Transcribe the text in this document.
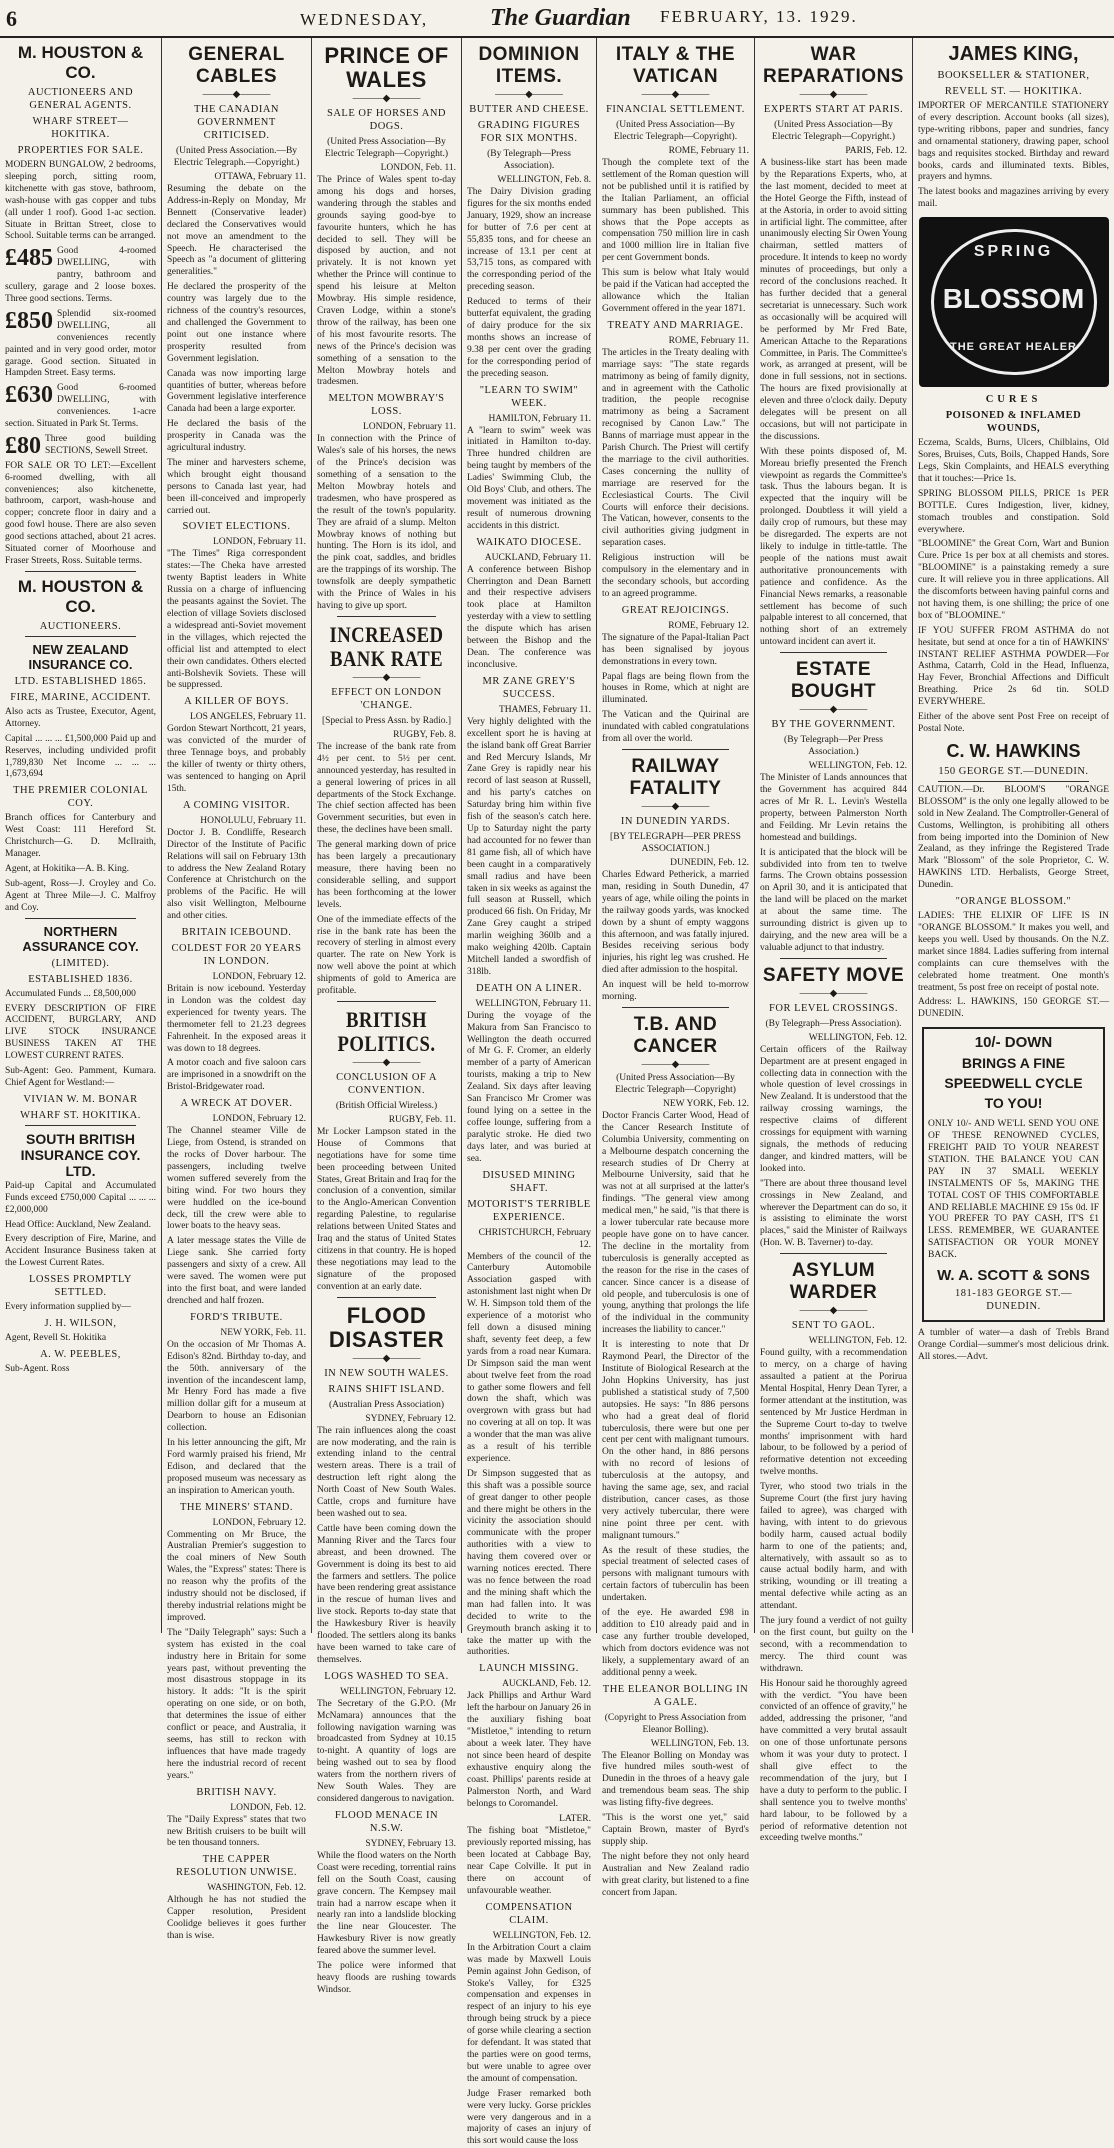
6	WEDNESDAY,	The Guardian FEBRUARY, 13. 1929.
M. HOUSTON & CO.
AUCTIONEERS AND GENERAL AGENTS.
WHARF STREET— HOKITIKA.
PROPERTIES FOR SALE.

MODERN BUNGALOW, 2 bedrooms, sleeping porch, sitting room, kitchenette with gas stove, bathroom, wash-house with gas copper and tubs (all under 1 roof). Good 1-ac section. Situate in Brittan Street, close to School. Suitable terms can be arranged.

£485 Good 4-roomed DWELLING, with pantry, bathroom and scullery, garage and 2 loose boxes. Three good sections. Terms.

£850 Splendid six-roomed DWELLING, all conveniences recently painted and in very good order, motor garage. Good section. Situated in Hampden Street. Easy terms.

£630 Good 6-roomed DWELLING, with conveniences. 1-acre section. Situated in Park St. Terms.

£80 Three good building SECTIONS, Sewell Street.

FOR SALE OR TO LET:—Excellent 6-roomed dwelling, with all conveniences; also kitchenette, bathroom, carport, wash-house and copper; concrete floor in dairy and a good fowl house. There are also seven good sections attached, about 21 acres. Situated corner of Moorhouse and Fraser Streets, Ross. Suitable terms.

M. HOUSTON & CO.
AUCTIONEERS.
NEW ZEALAND INSURANCE CO.
LTD. ESTABLISHED 1865.
FIRE, MARINE, ACCIDENT.

Also acts as Trustee, Executor, Agent, Attorney.

Capital ... ... ... £1,500,000 Paid up and Reserves, including undivided profit 1,789,830 Net Income ... ... ... 1,673,694

THE PREMIER COLONIAL COY.

Branch offices for Canterbury and West Coast: 111 Hereford St. Christchurch—G. D. McIlraith, Manager.

Agent, at Hokitika—A. B. King.

Sub-agent, Ross—J. Croyley and Co. Agent at Three Mile—J. C. Malfroy and Coy.

NORTHERN ASSURANCE COY.
(LIMITED).
ESTABLISHED 1836.

Accumulated Funds ... £8,500,000

EVERY DESCRIPTION OF FIRE ACCIDENT, BURGLARY, AND LIVE STOCK INSURANCE BUSINESS TAKEN AT THE LOWEST CURRENT RATES.

Sub-Agent: Geo. Pamment, Kumara. Chief Agent for Westland:—

VIVIAN W. M. BONAR
WHARF ST. HOKITIKA.
SOUTH BRITISH INSURANCE COY. LTD.

Paid-up Capital and Accumulated Funds exceed £750,000 Capital ... ... ... £2,000,000

Head Office: Auckland, New Zealand.

Every description of Fire, Marine, and Accident Insurance Business taken at the Lowest Current Rates.

LOSSES PROMPTLY SETTLED.

Every information supplied by—

J. H. WILSON,

Agent, Revell St. Hokitika

A. W. PEEBLES,

Sub-Agent. Ross

GENERAL CABLES
———◆———
THE CANADIAN GOVERNMENT CRITICISED.
(United Press Association.—By Electric Telegraph.—Copyright.)
OTTAWA, February 11.

Resuming the debate on the Address-in-Reply on Monday, Mr Bennett (Conservative leader) declared the Conservatives would not move an amendment to the Speech. He characterised the Speech as "a document of glittering generalities."

He declared the prosperity of the country was largely due to the richness of the country's resources, and challenged the Government to point out one instance where prosperity resulted from Government legislation.

Canada was now importing large quantities of butter, whereas before Government legislative interference Canada had been a large exporter.

He declared the basis of the prosperity in Canada was the agricultural industry.

The miner and harvesters scheme, which brought eight thousand persons to Canada last year, had been ill-conceived and improperly carried out.

SOVIET ELECTIONS.
LONDON, February 11.

"The Times" Riga correspondent states:—The Cheka have arrested twenty Baptist leaders in White Russia on a charge of influencing the peasants against the Soviet. The election of village Soviets disclosed a widespread anti-Soviet movement in the villages, which rejected the official list and attempted to elect their own candidates. Others elected anti-Bolshevik Soviets. These will be suppressed.

A KILLER OF BOYS.
LOS ANGELES, February 11.

Gordon Stewart Northcott, 21 years, was convicted of the murder of three Tennage boys, and probably the killer of twenty or thirty others, was sentenced to hanging on April 15th.

A COMING VISITOR.
HONOLULU, February 11.

Doctor J. B. Condliffe, Research Director of the Institute of Pacific Relations will sail on February 13th to address the New Zealand Rotary Conference at Christchurch on the problems of the Pacific. He will also visit Wellington, Melbourne and other cities.

BRITAIN ICEBOUND.
COLDEST FOR 20 YEARS IN LONDON.
LONDON, February 12.

Britain is now icebound. Yesterday in London was the coldest day experienced for twenty years. The thermometer fell to 21.23 degrees Fahrenheit. In the exposed areas it was down to 18 degrees.

A motor coach and five saloon cars are imprisoned in a snowdrift on the Bristol-Bridgewater road.

A WRECK AT DOVER.
LONDON, February 12.

The Channel steamer Ville de Liege, from Ostend, is stranded on the rocks of Dover harbour. The passengers, including twelve women suffered severely from the biting wind. For two hours they were huddled on the ice-bound deck, till the crew were able to lower boats to the heavy seas.

A later message states the Ville de Liege sank. She carried forty passengers and sixty of a crew. All were saved. The women were put into the first boat, and were landed drenched and half frozen.

FORD'S TRIBUTE.
NEW YORK, Feb. 11.

On the occasion of Mr Thomas A. Edison's 82nd. Birthday to-day, and the 50th. anniversary of the invention of the incandescent lamp, Mr Henry Ford has made a five million dollar gift for a museum at Dearborn to house an Edisonian collection.

In his letter announcing the gift, Mr Ford warmly praised his friend, Mr Edison, and declared that the proposed museum was necessary as an inspiration to American youth.

THE MINERS' STAND.
LONDON, February 12.

Commenting on Mr Bruce, the Australian Premier's suggestion to the coal miners of New South Wales, the "Express" states: There is no reason why the profits of the industry should not be disclosed, if thereby industrial relations might be improved.

The "Daily Telegraph" says: Such a system has existed in the coal industry here in Britain for some years past, without preventing the most disastrous stoppage in its history. It adds: "It is the spirit operating on one side, or on both, that determines the issue of either conflict or peace, and Australia, it seems, has still to reckon with influences that have made tragedy here the industrial record of recent years."

BRITISH NAVY.
LONDON, Feb. 12.

The "Daily Express" states that two new British cruisers to be built will be ten thousand tonners.

THE CAPPER RESOLUTION UNWISE.
WASHINGTON, Feb. 12.

Although he has not studied the Capper resolution, President Coolidge believes it goes further than is wise.

PRINCE OF WALES
———◆———
SALE OF HORSES AND DOGS.
(United Press Association—By Electric Telegraph—Copyright.)
LONDON, Feb. 11.

The Prince of Wales spent to-day among his dogs and horses, wandering through the stables and grounds saying good-bye to favourite hunters, which he has decided to sell. They will be disposed by auction, and not privately. It is not known yet whether the Prince will continue to spend his leisure at Melton Mowbray. His simple residence, Craven Lodge, within a stone's throw of the railway, has been one of his most favourite resorts. The news of the Prince's decision was something of a sensation to the Melton Mowbray hotels and tradesmen.

MELTON MOWBRAY'S LOSS.
LONDON, February 11.

In connection with the Prince of Wales's sale of his horses, the news of the Prince's decision was something of a sensation to the Melton Mowbray hotels and tradesmen, who have prospered as the result of the town's popularity. They are afraid of a slump. Melton Mowbray knows of nothing but hunting. The Horn is its idol, and the pink coat, saddles, and bridles are the trappings of its worship. The townsfolk are deeply sympathetic with the Prince of Wales in his having to give up sport.

INCREASED BANK RATE
———◆———
EFFECT ON LONDON 'CHANGE.
[Special to Press Assn. by Radio.]
RUGBY, Feb. 8.

The increase of the bank rate from 4½ per cent. to 5½ per cent. announced yesterday, has resulted in a general lowering of prices in all departments of the Stock Exchange. The chief section affected has been Government securities, but even in these, the declines have been small.

The general marking down of price has been largely a precautionary measure, there having been no considerable selling, and support has been forthcoming at the lower levels.

One of the immediate effects of the rise in the bank rate has been the recovery of sterling in almost every quarter. The rate on New York is now well above the point at which shipments of gold to America are profitable.

BRITISH POLITICS.
———◆———
CONCLUSION OF A CONVENTION.
(British Official Wireless.)
RUGBY, Feb. 11.

Mr Locker Lampson stated in the House of Commons that negotiations have for some time been proceeding between United States, Great Britain and Iraq for the conclusion of a convention, similar to the Anglo-American Convention regarding Palestine, to regularise relations between United States and Iraq and the status of United States citizens in that country. He is hoped these negotiations may lead to the signature of the proposed convention at an early date.

FLOOD DISASTER
———◆———
IN NEW SOUTH WALES.
RAINS SHIFT ISLAND.
(Australian Press Association)
SYDNEY, February 12.

The rain influences along the coast are now moderating, and the rain is extending inland to the central western areas. There is a trail of destruction left right along the North Coast of New South Wales. Cattle, crops and furniture have been washed out to sea.

Cattle have been coming down the Manning River and the Tarcs four abreast, and been drowned. The Government is doing its best to aid the farmers and settlers. The police have been rendering great assistance in the rescue of human lives and live stock. Reports to-day state that the Hawkesbury River is heavily flooded. The settlers along its banks have been warned to take care of themselves.

LOGS WASHED TO SEA.
WELLINGTON, February 12.

The Secretary of the G.P.O. (Mr McNamara) announces that the following navigation warning was broadcasted from Sydney at 10.15 to-night. A quantity of logs are being washed out to sea by flood waters from the northern rivers of New South Wales. They are considered dangerous to navigation.

FLOOD MENACE IN N.S.W.
SYDNEY, February 13.

While the flood waters on the North Coast were receding, torrential rains fell on the South Coast, causing grave concern. The Kempsey mail train had a narrow escape when it nearly ran into a landslide blocking the line near Gloucester. The Hawkesbury River is now greatly feared above the summer level.

The police were informed that heavy floods are rushing towards Windsor.

DOMINION ITEMS.
———◆———
BUTTER AND CHEESE.
GRADING FIGURES FOR SIX MONTHS.
(By Telegraph—Press Association).
WELLINGTON, Feb. 8.

The Dairy Division grading figures for the six months ended January, 1929, show an increase for butter of 7.6 per cent at 55,835 tons, and for cheese an increase of 13.1 per cent at 53,715 tons, as compared with the corresponding period of the preceding season.

Reduced to terms of their butterfat equivalent, the grading of dairy produce for the six months shows an increase of 9.38 per cent over the grading for the corresponding period of the preceding season.

"LEARN TO SWIM" WEEK.
HAMILTON, February 11.

A "learn to swim" week was initiated in Hamilton to-day. Three hundred children are being taught by members of the Ladies' Swimming Club, the Old Boys' Club, and others. The movement was initiated as the result of numerous drowning accidents in this district.

WAIKATO DIOCESE.
AUCKLAND, February 11.

A conference between Bishop Cherrington and Dean Barnett and their respective advisers took place at Hamilton yesterday with a view to settling the dispute which has arisen between the Bishop and the Dean. The conference was inconclusive.

MR ZANE GREY'S SUCCESS.
THAMES, February 11.

Very highly delighted with the excellent sport he is having at the island bank off Great Barrier and Red Mercury Islands, Mr Zane Grey is rapidly near his record of last season at Russell, and his party's catches on Saturday bring him within five fish of the season's catch here. Up to Saturday night the party had accounted for no fewer than 81 game fish, all of which have been caught in a comparatively small radius and have been taken in six weeks as against the full season at Russell, which produced 66 fish. On Friday, Mr Zane Grey caught a striped marlin weighing 360lb and a mako weighing 420lb. Captain Mitchell landed a swordfish of 318lb.

DEATH ON A LINER.
WELLINGTON, February 11.

During the voyage of the Makura from San Francisco to Wellington the death occurred of Mr G. F. Cromer, an elderly member of a party of American tourists, making a trip to New Zealand. Six days after leaving San Francisco Mr Cromer was found lying on a settee in the coffee lounge, suffering from a paralytic stroke. He died two days later, and was buried at sea.

DISUSED MINING SHAFT.
MOTORIST'S TERRIBLE EXPERIENCE.
CHRISTCHURCH, February 12.

Members of the council of the Canterbury Automobile Association gasped with astonishment last night when Dr W. H. Simpson told them of the experience of a motorist who fell down a disused mining shaft, seventy feet deep, a few yards from a road near Kumara. Dr Simpson said the man went about twelve feet from the road to gather some flowers and fell down the shaft, which was overgrown with grass but had no covering at all on top. It was a wonder that the man was alive as a result of his terrible experience.

Dr Simpson suggested that as this shaft was a possible source of great danger to other people and there might be others in the vicinity the association should communicate with the proper authorities with a view to having them covered over or warning notices erected. There was no fence between the road and the mining shaft which the man had fallen into. It was decided to write to the Greymouth branch asking it to take the matter up with the authorities.

LAUNCH MISSING.
AUCKLAND, Feb. 12.

Jack Phillips and Arthur Ward left the harbour on January 26 in the auxiliary fishing boat "Mistletoe," intending to return about a week later. They have not since been heard of despite exhaustive enquiry along the coast. Phillips' parents reside at Palmerston North, and Ward belongs to Coromandel.

LATER.

The fishing boat "Mistletoe," previously reported missing, has been located at Cabbage Bay, near Cape Colville. It put in there on account of unfavourable weather.

COMPENSATION CLAIM.
WELLINGTON, Feb. 12.

In the Arbitration Court a claim was made by Maxwell Louis Pemin against John Gedison, of Stoke's Valley, for £325 compensation and expenses in respect of an injury to his eye through being struck by a piece of gorse while clearing a section for defendant. It was stated that the parties were on good terms, but were unable to agree over the amount of compensation.

Judge Fraser remarked both were very lucky. Gorse prickles were very dangerous and in a majority of cases an injury of this sort would cause the loss

ITALY & THE VATICAN
———◆———
FINANCIAL SETTLEMENT.
(United Press Association—By Electric Telegraph—Copyright).
ROME, February 11.

Though the complete text of the settlement of the Roman question will not be published until it is ratified by the Italian Parliament, an official summary has been published. This shows that the Pope accepts as compensation 750 million lire in cash and 1000 million lire in Italian five per cent Government bonds.

This sum is below what Italy would be paid if the Vatican had accepted the allowance which the Italian Government offered in the year 1871.

TREATY AND MARRIAGE.
ROME, February 11.

The articles in the Treaty dealing with marriage says: "The state regards matrimony as being of family dignity, and in agreement with the Catholic tradition, the people recognise matrimony as being a Sacrament recognised by Canon Law." The Banns of marriage must appear in the Parish Church. The Priest will certify the marriage to the civil authorities. Cases concerning the nullity of marriage are reserved for the Ecclesiastical Courts. The Civil Courts will enforce their decisions. The Vatican, however, consents to the civil authorities giving judgment in separation cases.

Religious instruction will be compulsory in the elementary and in the secondary schools, but according to an agreed programme.

GREAT REJOICINGS.
ROME, February 12.

The signature of the Papal-Italian Pact has been signalised by joyous demonstrations in every town.

Papal flags are being flown from the houses in Rome, which at night are illuminated.

The Vatican and the Quirinal are inundated with cabled congratulations from all over the world.

RAILWAY FATALITY
———◆———
IN DUNEDIN YARDS.
[BY TELEGRAPH—PER PRESS ASSOCIATION.]
DUNEDIN, Feb. 12.

Charles Edward Petherick, a married man, residing in South Dunedin, 47 years of age, while oiling the points in the railway goods yards, was knocked down by a shunt of empty waggons this afternoon, and was fatally injured. Besides receiving serious body injuries, his right leg was crushed. He died after admission to the hospital.

An inquest will be held to-morrow morning.

T.B. AND CANCER
———◆———
(United Press Association—By Electric Telegraph—Copyright)
NEW YORK, Feb. 12.

Doctor Francis Carter Wood, Head of the Cancer Research Institute of Columbia University, commenting on a Melbourne despatch concerning the research studies of Dr Cherry at Melbourne University, said that he was not at all surprised at the latter's findings. "The general view among medical men," he said, "is that there is a lower tubercular rate because more people have gone on to have cancer. The decline in the mortality from tuberculosis is generally accepted as the reason for the rise in the cases of cancer. Since cancer is a disease of old people, and tuberculosis is one of young, anything that prolongs the life of the individual in the community increases the liability to cancer."

It is interesting to note that Dr Raymond Pearl, the Director of the Institute of Biological Research at the John Hopkins University, has just published a statistical study of 7,500 autopsies. He says: "In 886 persons who had a great deal of florid tuberculosis, there were but one per cent per cent with malignant tumours. On the other hand, in 886 persons with no record of lesions of tuberculosis at the autopsy, and having the same age, sex, and racial distribution, cancer cases, as those very actively tubercular, there were nine point three per cent. with malignant tumours."

As the result of these studies, the special treatment of selected cases of persons with malignant tumours with certain factors of tuberculin has been undertaken.

of the eye. He awarded £98 in addition to £10 already paid and in case any further trouble developed, which from doctors evidence was not likely, a supplementary award of an additional penny a week.

THE ELEANOR BOLLING IN A GALE.
(Copyright to Press Association from Eleanor Bolling).
WELLINGTON, Feb. 13.

The Eleanor Bolling on Monday was five hundred miles south-west of Dunedin in the throes of a heavy gale and tremendous beam seas. The ship was listing fifty-five degrees.

"This is the worst one yet," said Captain Brown, master of Byrd's supply ship.

The night before they not only heard Australian and New Zealand radio with great clarity, but listened to a fine concert from Japan.

WAR REPARATIONS
———◆———
EXPERTS START AT PARIS.
(United Press Association—By Electric Telegraph—Copyright.)
PARIS, Feb. 12.

A business-like start has been made by the Reparations Experts, who, at the last moment, decided to meet at the Hotel George the Fifth, instead of at the Astoria, in order to avoid sitting in artificial light. The committee, after unanimously electing Sir Owen Young chairman, settled matters of procedure. It intends to keep no wordy minutes of proceedings, but only a record of the conclusions reached. It has further decided that a general secretariat is unnecessary. Such work as occasionally will be acquired will be performed by Mr Fred Bate, American Attache to the Reparations Committee, in Paris. The Committee's work, as arranged at present, will be done in full sessions, not in sections. The hours are fixed provisionally at eleven and three o'clock daily. Deputy delegates will be present on all occasions, but will not participate in the discussions.

With these points disposed of, M. Moreau briefly presented the French viewpoint as regards the Committee's task. Thus the labours began. It is expected that the inquiry will be prolonged. Doubtless it will yield a daily crop of rumours, but these may be disregarded. The experts are not likely to indulge in tittle-tattle. The people of the nations must await authoritative pronouncements with patience and confidence. As the Financial News remarks, a reasonable settlement has become of such palpable interest to all concerned, that nothing short of an extremely untoward incident can avert it.

ESTATE BOUGHT
———◆———
BY THE GOVERNMENT.
(By Telegraph—Per Press Association.)
WELLINGTON, Feb. 12.

The Minister of Lands announces that the Government has acquired 844 acres of Mr R. L. Levin's Westella property, between Palmerston North and Feilding. Mr Levin retains the homestead and buildings.

It is anticipated that the block will be subdivided into from ten to twelve farms. The Crown obtains possession on April 30, and it is anticipated that the land will be placed on the market at about the same time. The surrounding district is given up to dairying, and the new area will be a valuable adjunct to that industry.

SAFETY MOVE
———◆———
FOR LEVEL CROSSINGS.
(By Telegraph—Press Association).
WELLINGTON, Feb. 12.

Certain officers of the Railway Department are at present engaged in collecting data in connection with the whole question of level crossings in New Zealand. It is understood that the railway crossing warnings, the respective claims of different crossings for equipment with warning signals, the methods of reducing danger, and kindred matters, will be looked into.

"There are about three thousand level crossings in New Zealand, and wherever the Department can do so, it is assisting to eliminate the worst places," said the Minister of Railways (Hon. W. B. Taverner) to-day.

ASYLUM WARDER
———◆———
SENT TO GAOL.
WELLINGTON, Feb. 12.

Found guilty, with a recommendation to mercy, on a charge of having assaulted a patient at the Porirua Mental Hospital, Henry Dean Tyrer, a former attendant at the institution, was sentenced by Mr Justice Herdman in the Supreme Court to-day to twelve months' imprisonment with hard labour, to be followed by a period of reformative detention not exceeding twelve months.

Tyrer, who stood two trials in the Supreme Court (the first jury having failed to agree), was charged with having, with intent to do grievous bodily harm, caused actual bodily harm to one of the patients; and, alternatively, with assault so as to cause actual bodily harm, and with striking, wounding or ill treating a mental defective while acting as an attendant.

The jury found a verdict of not guilty on the first count, but guilty on the second, with a recommendation to mercy. The third count was withdrawn.

His Honour said he thoroughly agreed with the verdict. "You have been convicted of an offence of gravity," he added, addressing the prisoner, "and have committed a very brutal assault on one of those unfortunate persons whom it was your duty to protect. I shall give effect to the recommendation of the jury, but I have a duty to perform to the public. I shall sentence you to twelve months' hard labour, to be followed by a period of reformative detention not exceeding twelve months."

JAMES KING,
BOOKSELLER & STATIONER,
REVELL ST. — HOKITIKA.

IMPORTER OF MERCANTILE STATIONERY of every description. Account books (all sizes), type-writing ribbons, paper and sundries, fancy and ornamental stationery, drawing paper, school bags and requisites stocked. Birthday and reward books, cards and illuminated texts. Bibles, prayers and hymns.

The latest books and magazines arriving by every mail.

SPRING
BLOSSOM
THE GREAT HEALER
CURES
POISONED & INFLAMED WOUNDS,

Eczema, Scalds, Burns, Ulcers, Chilblains, Old Sores, Bruises, Cuts, Boils, Chapped Hands, Sore Legs, Skin Complaints, and HEALS everything that it touches:—Price 1s.

SPRING BLOSSOM PILLS, PRICE 1s PER BOTTLE. Cures Indigestion, liver, kidney, stomach troubles and constipation. Sold everywhere.

"BLOOMINE" the Great Corn, Wart and Bunion Cure. Price 1s per box at all chemists and stores. "BLOOMINE" is a painstaking remedy a sure cure. It will relieve you in three applications. All the discomforts between having painful corns and not having them, is one shilling; the price of one box of "BLOOMINE."

IF YOU SUFFER FROM ASTHMA do not hesitate, but send at once for a tin of HAWKINS' INSTANT RELIEF ASTHMA POWDER—For Asthma, Catarrh, Cold in the Head, Influenza, Hay Fever, Bronchial Affections and Difficult Breathing. Price 2s 6d tin. SOLD EVERYWHERE.

Either of the above sent Post Free on receipt of Postal Note.

C. W. HAWKINS
150 GEORGE ST.—DUNEDIN.

CAUTION.—Dr. BLOOM'S "ORANGE BLOSSOM" is the only one legally allowed to be sold in New Zealand. The Comptroller-General of Customs, Wellington, is prohibiting all others from being imported into the Dominion of New Zealand, as they infringe the Registered Trade Mark "Blossom" of the sole Proprietor, C. W. HAWKINS LTD. Herbalists, George Street, Dunedin.

"ORANGE BLOSSOM."

LADIES: THE ELIXIR OF LIFE IS IN "ORANGE BLOSSOM." It makes you well, and keeps you well. Used by thousands. On the N.Z. market since 1884. Ladies suffering from internal complaints can cure themselves with the celebrated home treatment. One month's treatment, 5s post free on receipt of postal note.

Address: L. HAWKINS, 150 GEORGE ST.—DUNEDIN.

10/- DOWN
BRINGS A FINE
SPEEDWELL CYCLE
TO YOU!

ONLY 10/- AND WE'LL SEND YOU ONE OF THESE RENOWNED CYCLES, FREIGHT PAID TO YOUR NEAREST STATION. THE BALANCE YOU CAN PAY IN 37 SMALL WEEKLY INSTALMENTS OF 5s, MAKING THE TOTAL COST OF THIS COMFORTABLE AND RELIABLE MACHINE £9 15s 0d. IF YOU PREFER TO PAY CASH, IT'S £1 LESS. REMEMBER, WE GUARANTEE SATISFACTION OR YOUR MONEY BACK.

W. A. SCOTT & SONS
181-183 GEORGE ST.—DUNEDIN.

A tumbler of water—a dash of Trebls Brand Orange Cordial—summer's most delicious drink. All stores.—Advt.
